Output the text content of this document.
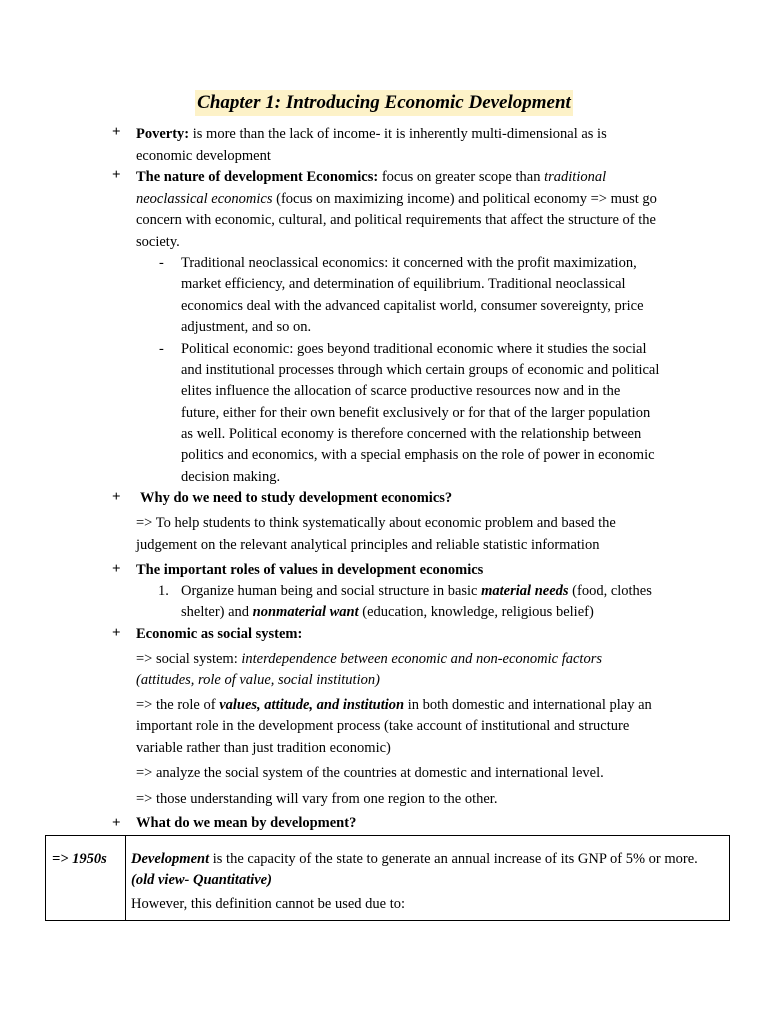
Chapter 1: Introducing Economic Development
+ Poverty: is more than the lack of income- it is inherently multi-dimensional as is
economic development
+ The nature of development Economics: focus on greater scope than traditional
neoclassical economics (focus on maximizing income) and political economy => must go
concern with economic, cultural, and political requirements that affect the structure of the
society.
- Traditional neoclassical economics: it concerned with the profit maximization,
market efficiency, and determination of equilibrium. Traditional neoclassical
economics deal with the advanced capitalist world, consumer sovereignty, price
adjustment, and so on.
- Political economic: goes beyond traditional economic where it studies the social
and institutional processes through which certain groups of economic and political
elites influence the allocation of scarce productive resources now and in the
future, either for their own benefit exclusively or for that of the larger population
as well. Political economy is therefore concerned with the relationship between
politics and economics, with a special emphasis on the role of power in economic
decision making.
+ Why do we need to study development economics?
=> To help students to think systematically about economic problem and based the
judgement on the relevant analytical principles and reliable statistic information
+ The important roles of values in development economics
1. Organize human being and social structure in basic material needs (food, clothes
shelter) and nonmaterial want (education, knowledge, religious belief)
+ Economic as social system:
=> social system: interdependence between economic and non-economic factors
(attitudes, role of value, social institution)
=> the role of values, attitude, and institution in both domestic and international play an
important role in the development process (take account of institutional and structure
variable rather than just tradition economic)
=> analyze the social system of the countries at domestic and international level.
=> those understanding will vary from one region to the other.
+ What do we mean by development?
=> 1950s Development is the capacity of the state to generate an annual increase of its GNP of 5% or more.
(old view- Quantitative)
However, this definition cannot be used due to:
